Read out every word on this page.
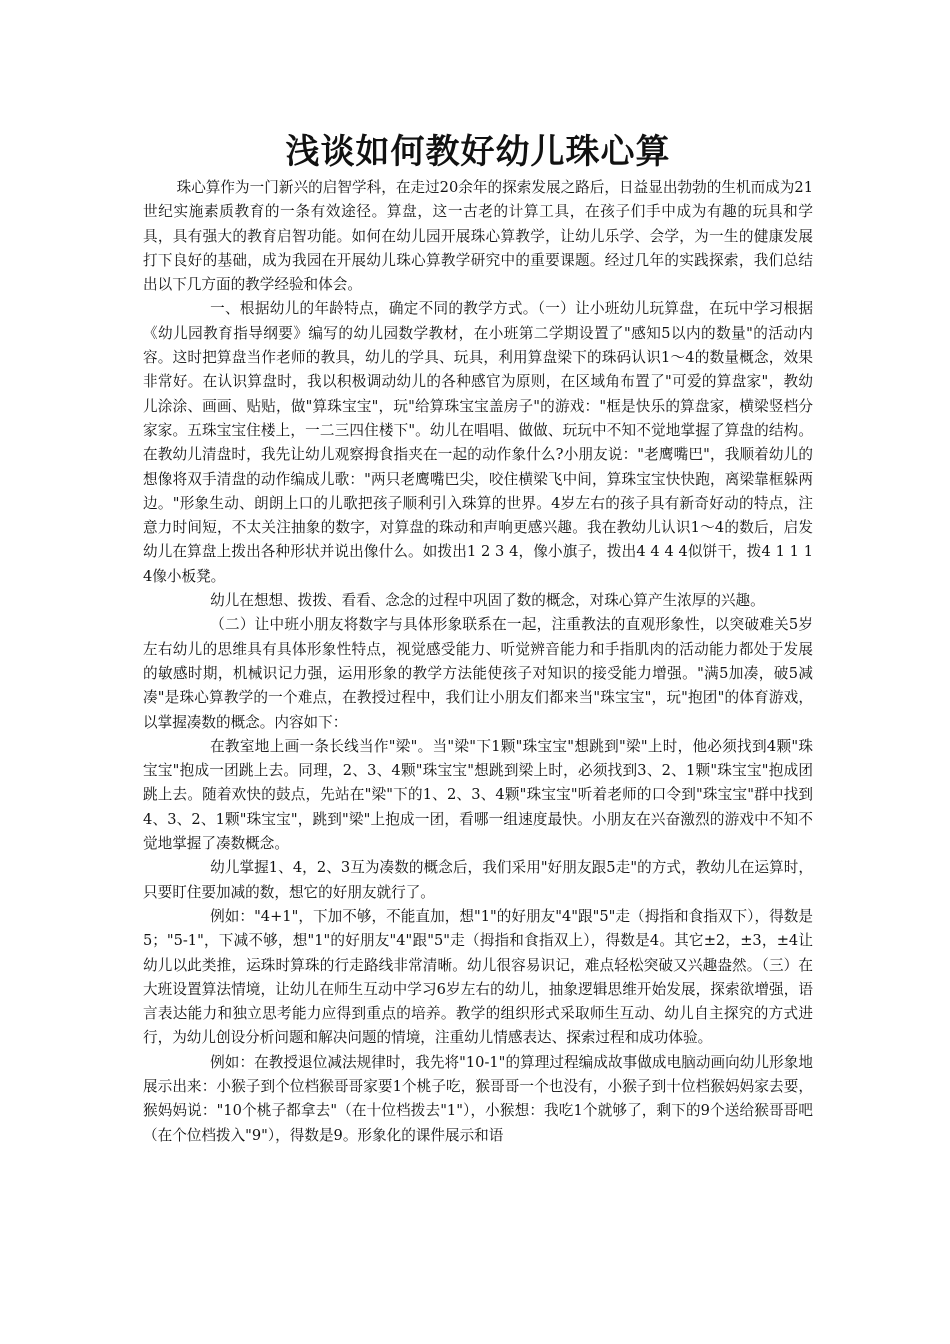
浅谈如何教好幼儿珠心算

珠心算作为一门新兴的启智学科，在走过20余年的探索发展之路后，日益显出勃勃的生机而成为21世纪实施素质教育的一条有效途径。算盘，这一古老的计算工具，在孩子们手中成为有趣的玩具和学具，具有强大的教育启智功能。如何在幼儿园开展珠心算教学，让幼儿乐学、会学，为一生的健康发展打下良好的基础，成为我园在开展幼儿珠心算教学研究中的重要课题。经过几年的实践探索，我们总结出以下几方面的教学经验和体会。

一、根据幼儿的年龄特点，确定不同的教学方式。（一）让小班幼儿玩算盘，在玩中学习根据《幼儿园教育指导纲要》编写的幼儿园数学教材，在小班第二学期设置了"感知5以内的数量"的活动内容。这时把算盘当作老师的教具，幼儿的学具、玩具，利用算盘梁下的珠码认识1～4的数量概念，效果非常好。在认识算盘时，我以积极调动幼儿的各种感官为原则，在区域角布置了"可爱的算盘家"，教幼儿涂涂、画画、贴贴，做"算珠宝宝"，玩"给算珠宝宝盖房子"的游戏："框是快乐的算盘家，横梁竖档分家家。五珠宝宝住楼上，一二三四住楼下"。幼儿在唱唱、做做、玩玩中不知不觉地掌握了算盘的结构。在教幼儿清盘时，我先让幼儿观察拇食指夹在一起的动作象什么?小朋友说："老鹰嘴巴"，我顺着幼儿的想像将双手清盘的动作编成儿歌："两只老鹰嘴巴尖，咬住横梁飞中间，算珠宝宝快快跑，离梁靠框躲两边。"形象生动、朗朗上口的儿歌把孩子顺利引入珠算的世界。4岁左右的孩子具有新奇好动的特点，注意力时间短，不太关注抽象的数字，对算盘的珠动和声响更感兴趣。我在教幼儿认识1～4的数后，启发幼儿在算盘上拨出各种形状并说出像什么。如拨出1 2 3 4，像小旗子，拨出4 4 4 4似饼干，拨4 1 1 1 4像小板凳。

幼儿在想想、拨拨、看看、念念的过程中巩固了数的概念，对珠心算产生浓厚的兴趣。

（二）让中班小朋友将数字与具体形象联系在一起，注重教法的直观形象性，以突破难关5岁左右幼儿的思维具有具体形象性特点，视觉感受能力、听觉辨音能力和手指肌肉的活动能力都处于发展的敏感时期，机械识记力强，运用形象的教学方法能使孩子对知识的接受能力增强。"满5加凑，破5减凑"是珠心算教学的一个难点，在教授过程中，我们让小朋友们都来当"珠宝宝"，玩"抱团"的体育游戏，以掌握凑数的概念。内容如下：

在教室地上画一条长线当作"梁"。当"梁"下1颗"珠宝宝"想跳到"梁"上时，他必须找到4颗"珠宝宝"抱成一团跳上去。同理，2、3、4颗"珠宝宝"想跳到梁上时，必须找到3、2、1颗"珠宝宝"抱成团跳上去。随着欢快的鼓点，先站在"梁"下的1、2、3、4颗"珠宝宝"听着老师的口令到"珠宝宝"群中找到4、3、2、1颗"珠宝宝"，跳到"梁"上抱成一团，看哪一组速度最快。小朋友在兴奋激烈的游戏中不知不觉地掌握了凑数概念。

幼儿掌握1、4，2、3互为凑数的概念后，我们采用"好朋友跟5走"的方式，教幼儿在运算时，只要盯住要加减的数，想它的好朋友就行了。

例如："4+1"，下加不够，不能直加，想"1"的好朋友"4"跟"5"走（拇指和食指双下），得数是5；"5-1"，下减不够，想"1"的好朋友"4"跟"5"走（拇指和食指双上），得数是4。其它±2，±3，±4让幼儿以此类推，运珠时算珠的行走路线非常清晰。幼儿很容易识记，难点轻松突破又兴趣盎然。（三）在大班设置算法情境，让幼儿在师生互动中学习6岁左右的幼儿，抽象逻辑思维开始发展，探索欲增强，语言表达能力和独立思考能力应得到重点的培养。教学的组织形式采取师生互动、幼儿自主探究的方式进行，为幼儿创设分析问题和解决问题的情境，注重幼儿情感表达、探索过程和成功体验。

例如：在教授退位减法规律时，我先将"10-1"的算理过程编成故事做成电脑动画向幼儿形象地展示出来：小猴子到个位档猴哥哥家要1个桃子吃，猴哥哥一个也没有，小猴子到十位档猴妈妈家去要，猴妈妈说："10个桃子都拿去"（在十位档拨去"1"），小猴想：我吃1个就够了，剩下的9个送给猴哥哥吧（在个位档拨入"9"），得数是9。形象化的课件展示和语
